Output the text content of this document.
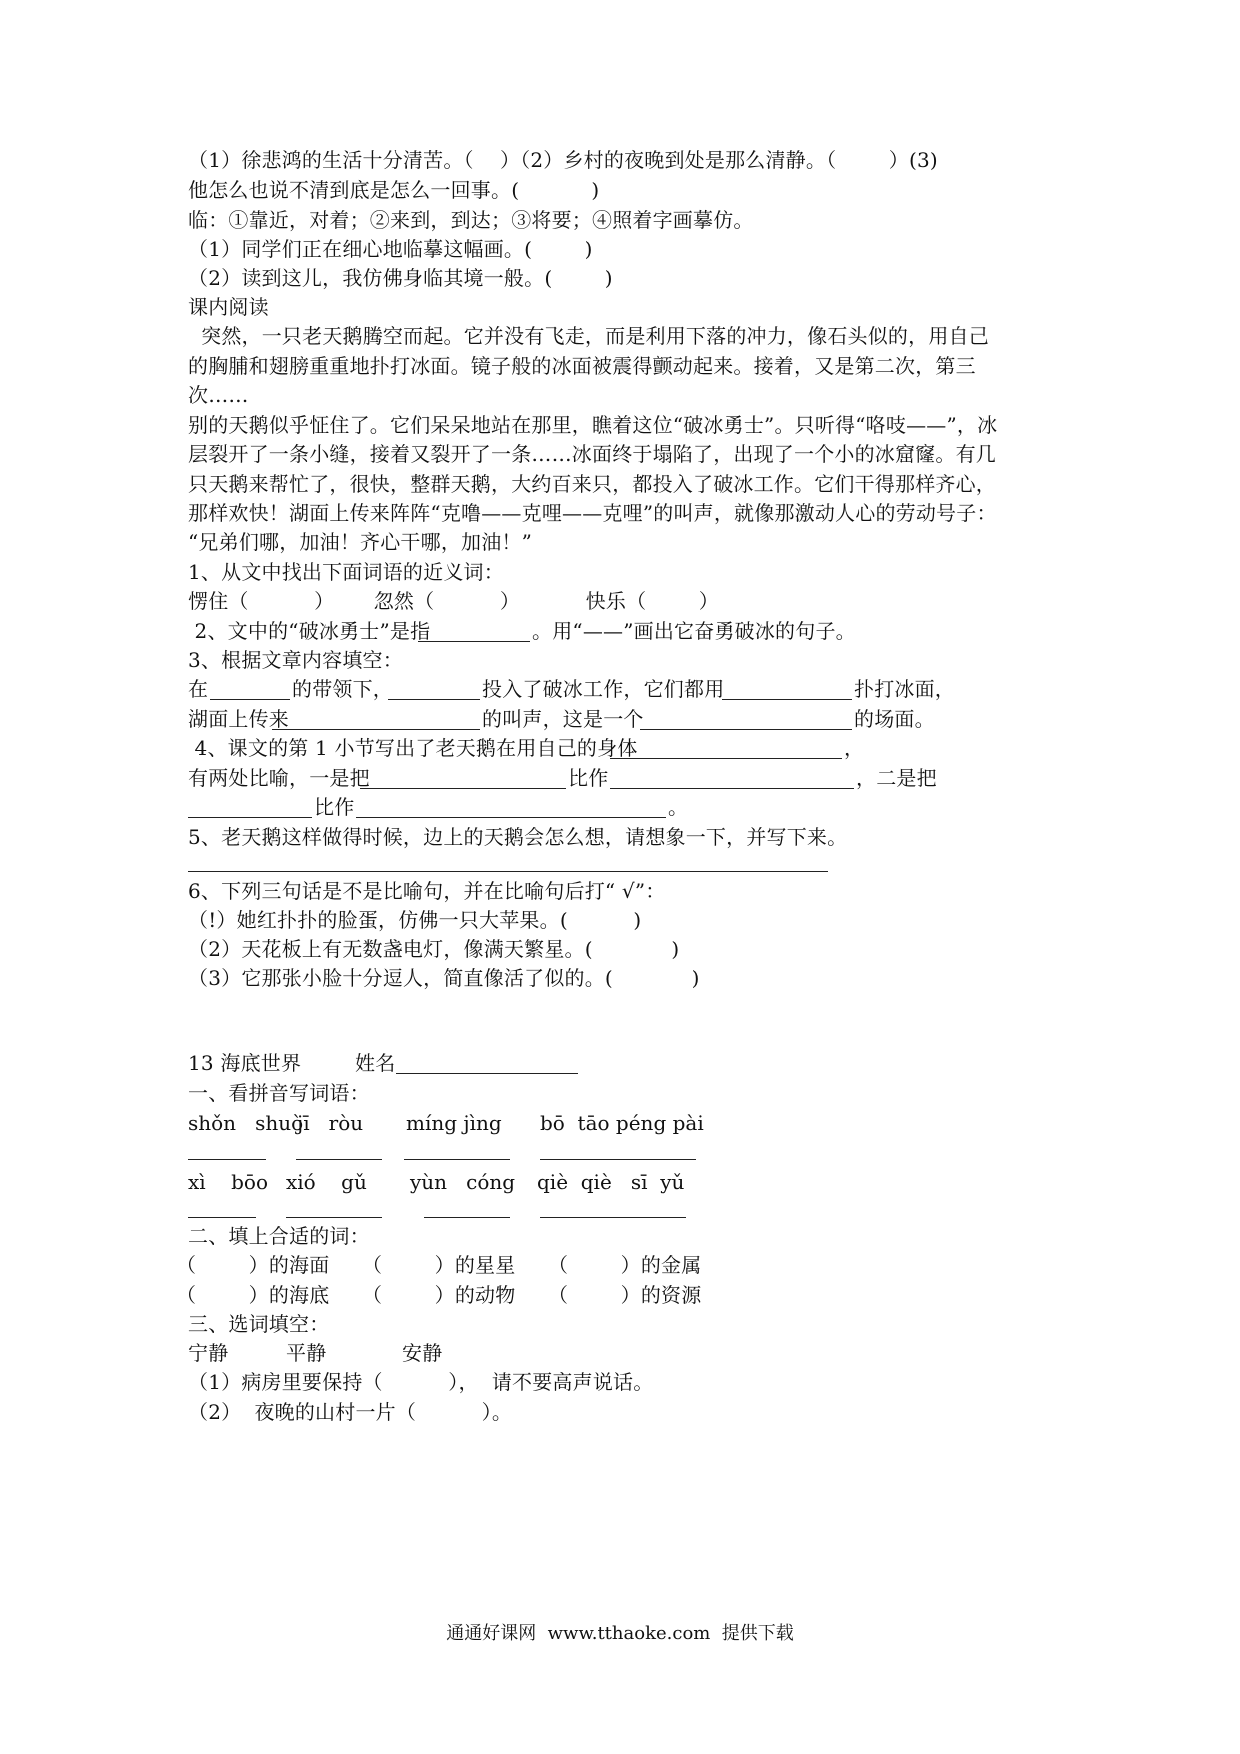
（1）徐悲鸿的生活十分清苦。（    ）（2）乡村的夜晚到处是那么清静。（        ）(3)
他怎么也说不清到底是怎么一回事。(           )
临：①靠近，对着；②来到，到达；③将要；④照着字画摹仿。
（1）同学们正在细心地临摹这幅画。(        )
（2）读到这儿，我仿佛身临其境一般。(        )
课内阅读
突然，一只老天鹅腾空而起。它并没有飞走，而是利用下落的冲力，像石头似的，用自己
的胸脯和翅膀重重地扑打冰面。镜子般的冰面被震得颤动起来。接着，又是第二次，第三
次……
别的天鹅似乎怔住了。它们呆呆地站在那里，瞧着这位“破冰勇士”。只听得“咯吱——”，冰
层裂开了一条小缝，接着又裂开了一条……冰面终于塌陷了，出现了一个小的冰窟窿。有几
只天鹅来帮忙了，很快，整群天鹅，大约百来只，都投入了破冰工作。它们干得那样齐心，
那样欢快！湖面上传来阵阵“克噜——克哩——克哩”的叫声，就像那激动人心的劳动号子：
“兄弟们哪，加油！齐心干哪，加油！”
1、从文中找出下面词语的近义词：
愣住（          ）      忽然（          ）          快乐（        ）
2、文中的“破冰勇士”是指	。用“——”画出它奋勇破冰的句子。
3、根据文章内容填空：
在	的带领下，	投入了破冰工作，它们都用	扑打冰面，
湖面上传来	的叫声，这是一个	的场面。
4、课文的第 1 小节写出了老天鹅在用自己的身体	，
有两处比喻，一是把	比作	，二是把
比作	。
5、老天鹅这样做得时候，边上的天鹅会怎么想，请想象一下，并写下来。
6、下列三句话是不是比喻句，并在比喻句后打“ √”：
（!）她红扑扑的脸蛋，仿佛一只大苹果。(          )
（2）天花板上有无数盏电灯，像满天繁星。(            )
（3）它那张小脸十分逗人，简直像活了似的。(            )
13 海底世界	姓名
一、看拼音写词语：
shǒn   shuò
jī   ròu míng jìng bō  tāo péng pài
xì    bōo xió    gǔ yùn   cóng qiè  qiè   sī  yǔ
二、填上合适的词：
（        ）的海面 （        ）的星星 （        ）的金属
（        ）的海底 （        ）的动物 （        ）的资源
三、选词填空：
宁静	平静	安静
（1）病房里要保持（          ），  请不要高声说话。
（2）  夜晚的山村一片（          ）。
通通好课网  www.tthaoke.com  提供下载
